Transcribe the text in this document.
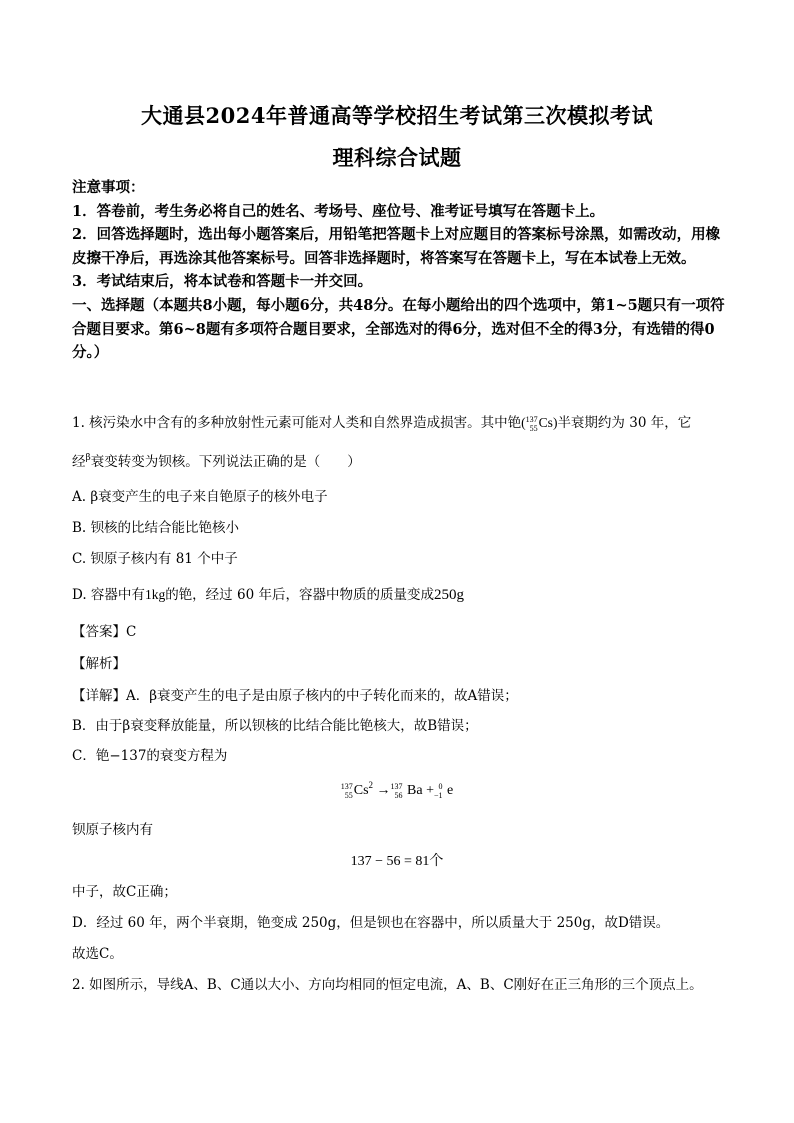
大通县2024年普通高等学校招生考试第三次模拟考试
理科综合试题

注意事项：

1．答卷前，考生务必将自己的姓名、考场号、座位号、准考证号填写在答题卡上。

2．回答选择题时，选出每小题答案后，用铅笔把答题卡上对应题目的答案标号涂黑，如需改动，用橡皮擦干净后，再选涂其他答案标号。回答非选择题时，将答案写在答题卡上，写在本试卷上无效。

3．考试结束后，将本试卷和答题卡一并交回。

一、选择题（本题共8小题，每小题6分，共48分。在每小题给出的四个选项中，第1~5题只有一项符合题目要求。第6~8题有多项符合题目要求，全部选对的得6分，选对但不全的得3分，有选错的得0分。）

1. 核污染水中含有的多种放射性元素可能对人类和自然界造成损害。其中铯(137
55Cs)半衰期约为 30 年，它
经$^\beta$衰变转变为钡核。下列说法正确的是（　　）
A. β衰变产生的电子来自铯原子的核外电子
B. 钡核的比结合能比铯核小
C. 钡原子核内有 81 个中子
D. 容器中有1kg的铯，经过 60 年后，容器中物质的质量变成250g
【答案】C
【解析】
【详解】A．β衰变产生的电子是由原子核内的中子转化而来的，故A错误；
B．由于β衰变释放能量，所以钡核的比结合能比铯核大，故B错误；
C．铯−137的衰变方程为
137
$55Cs^2 \to 137$
56 Ba + 0
−1 e
钡原子核内有
137 − 56 = 81个
中子，故C正确；
D．经过 60 年，两个半衰期，铯变成 250g，但是钡也在容器中，所以质量大于 250g，故D错误。
故选C。
2. 如图所示，导线A、B、C通以大小、方向均相同的恒定电流，A、B、C刚好在正三角形的三个顶点上。
